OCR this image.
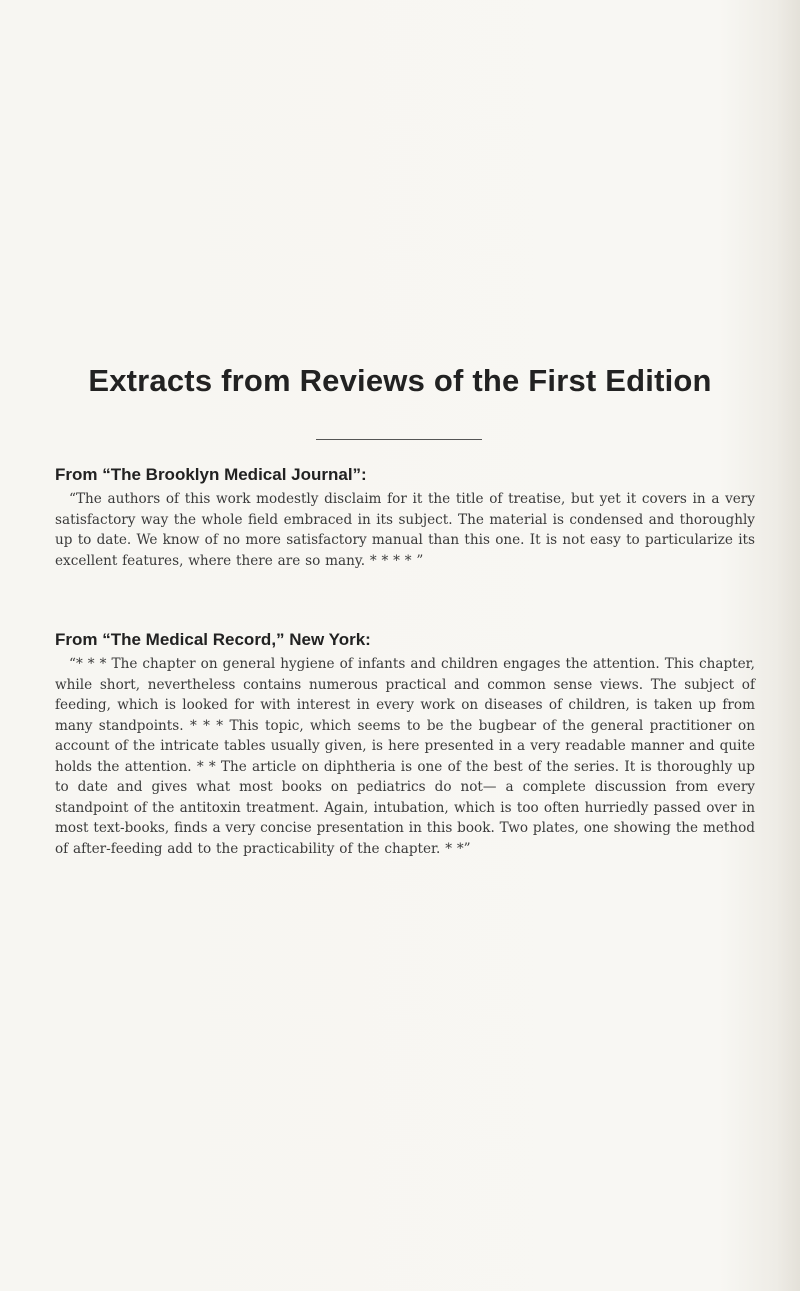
Extracts from Reviews of the First Edition

From “The Brooklyn Medical Journal”:

“The authors of this work modestly disclaim for it the title of treatise, but yet it covers in a very satisfactory way the whole field embraced in its subject. The material is condensed and thoroughly up to date. We know of no more satisfactory manual than this one. It is not easy to particularize its excellent features, where there are so many. * * * * ”

From “The Medical Record,” New York:

“* * * The chapter on general hygiene of infants and children engages the attention. This chapter, while short, nevertheless contains numerous practical and common sense views. The subject of feeding, which is looked for with interest in every work on diseases of children, is taken up from many standpoints. * * * This topic, which seems to be the bugbear of the general practitioner on account of the intricate tables usually given, is here presented in a very readable manner and quite holds the attention. * * The article on diphtheria is one of the best of the series. It is thoroughly up to date and gives what most books on pediatrics do not— a complete discussion from every standpoint of the antitoxin treatment. Again, intubation, which is too often hurriedly passed over in most text-books, finds a very concise presentation in this book. Two plates, one showing the method of after-feeding add to the practicability of the chapter. * *”
